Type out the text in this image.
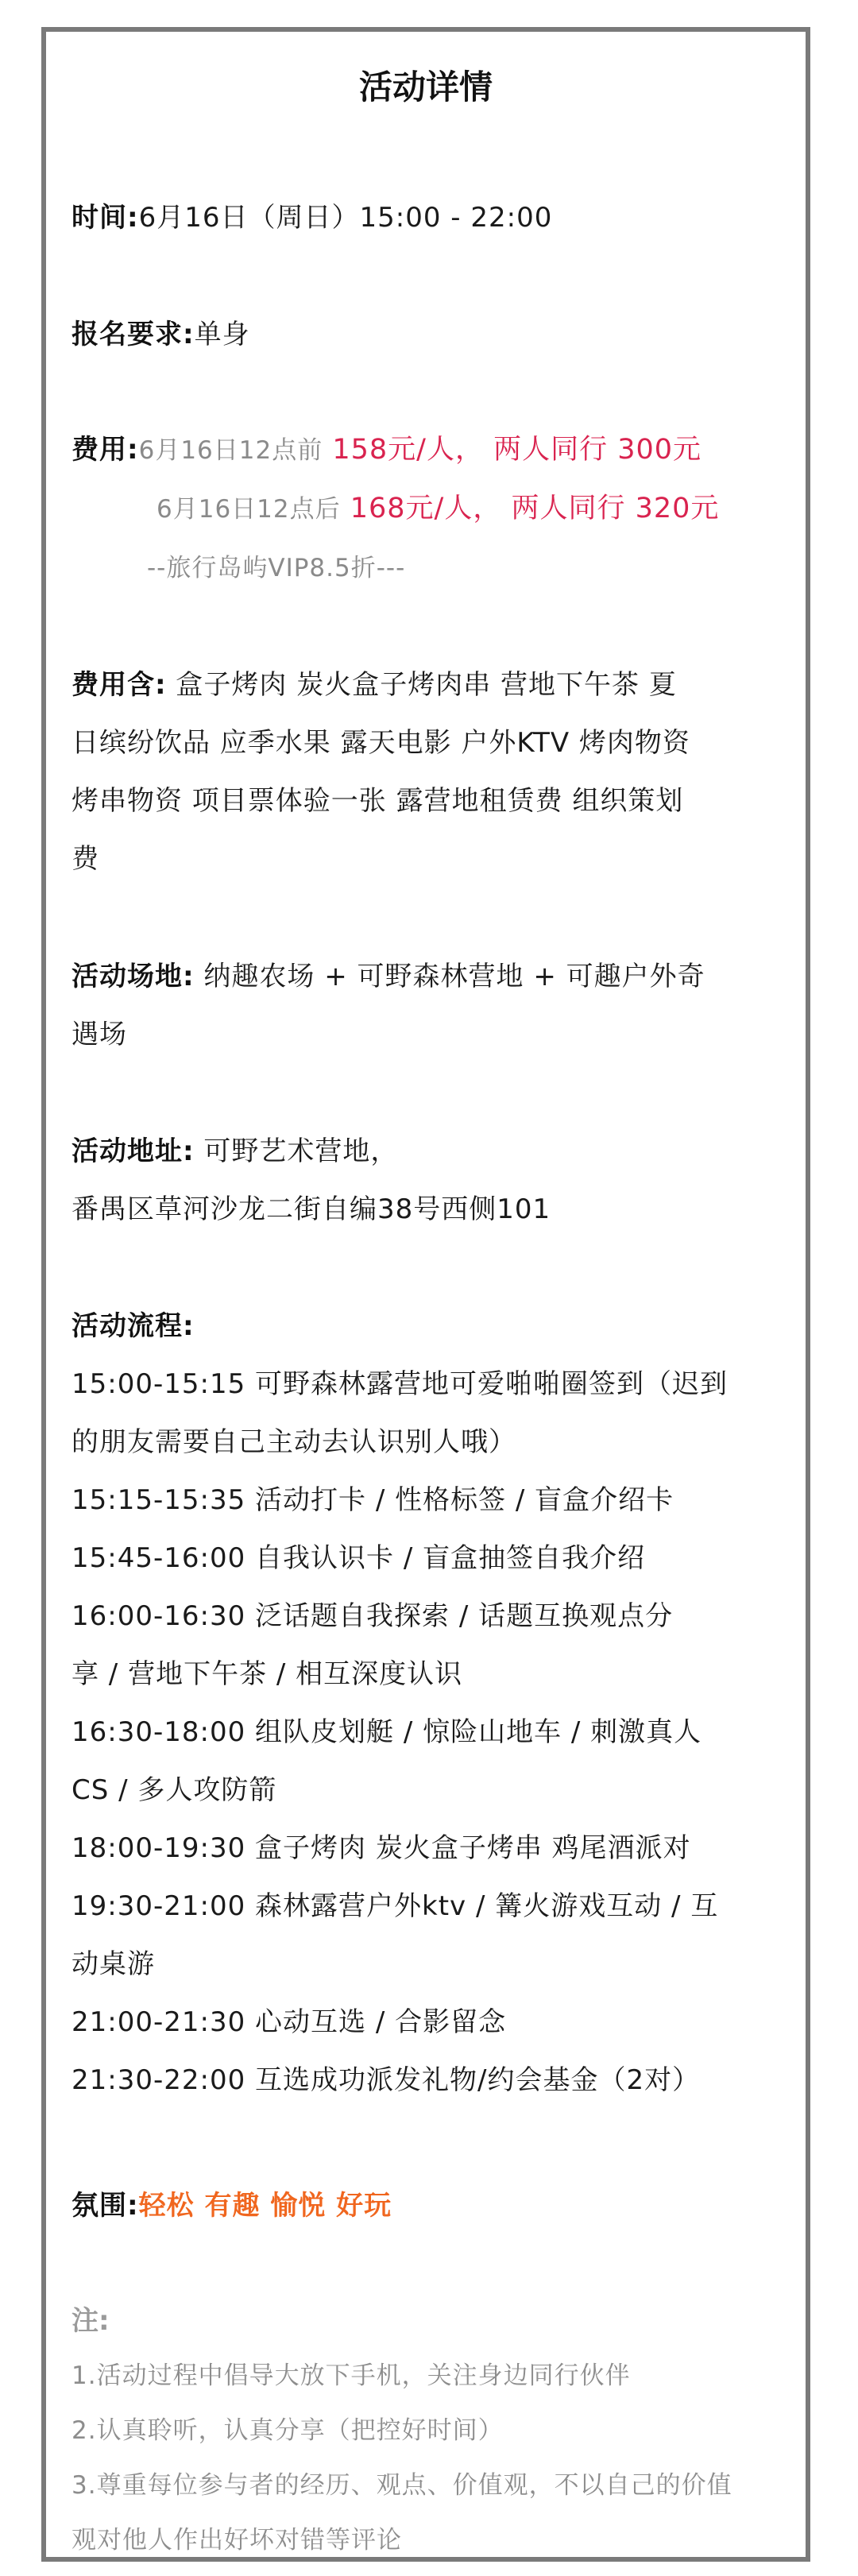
活动详情
时间:6月16日（周日）15:00 - 22:00
报名要求:单身
费用:6月16日12点前 158元/人， 两人同行 300元
6月16日12点后 168元/人， 两人同行 320元
--旅行岛屿VIP8.5折---
费用含: 盒子烤肉 炭火盒子烤肉串 营地下午茶 夏
日缤纷饮品 应季水果 露天电影 户外KTV 烤肉物资
烤串物资 项目票体验一张 露营地租赁费 组织策划
费
活动场地: 纳趣农场 + 可野森林营地 + 可趣户外奇
遇场
活动地址: 可野艺术营地，
番禺区草河沙龙二街自编38号西侧101
活动流程:
15:00-15:15 可野森林露营地可爱啪啪圈签到（迟到
的朋友需要自己主动去认识别人哦）
15:15-15:35 活动打卡 / 性格标签 / 盲盒介绍卡
15:45-16:00 自我认识卡 / 盲盒抽签自我介绍
16:00-16:30 泛话题自我探索 / 话题互换观点分
享 / 营地下午茶 / 相互深度认识
16:30-18:00 组队皮划艇 / 惊险山地车 / 刺激真人
CS / 多人攻防箭
18:00-19:30 盒子烤肉 炭火盒子烤串 鸡尾酒派对
19:30-21:00 森林露营户外ktv / 篝火游戏互动 / 互
动桌游
21:00-21:30 心动互选 / 合影留念
21:30-22:00 互选成功派发礼物/约会基金（2对）
氛围:轻松 有趣 愉悦 好玩
注:
1.活动过程中倡导大放下手机，关注身边同行伙伴
2.认真聆听，认真分享（把控好时间）
3.尊重每位参与者的经历、观点、价值观，不以自己的价值
观对他人作出好坏对错等评论
